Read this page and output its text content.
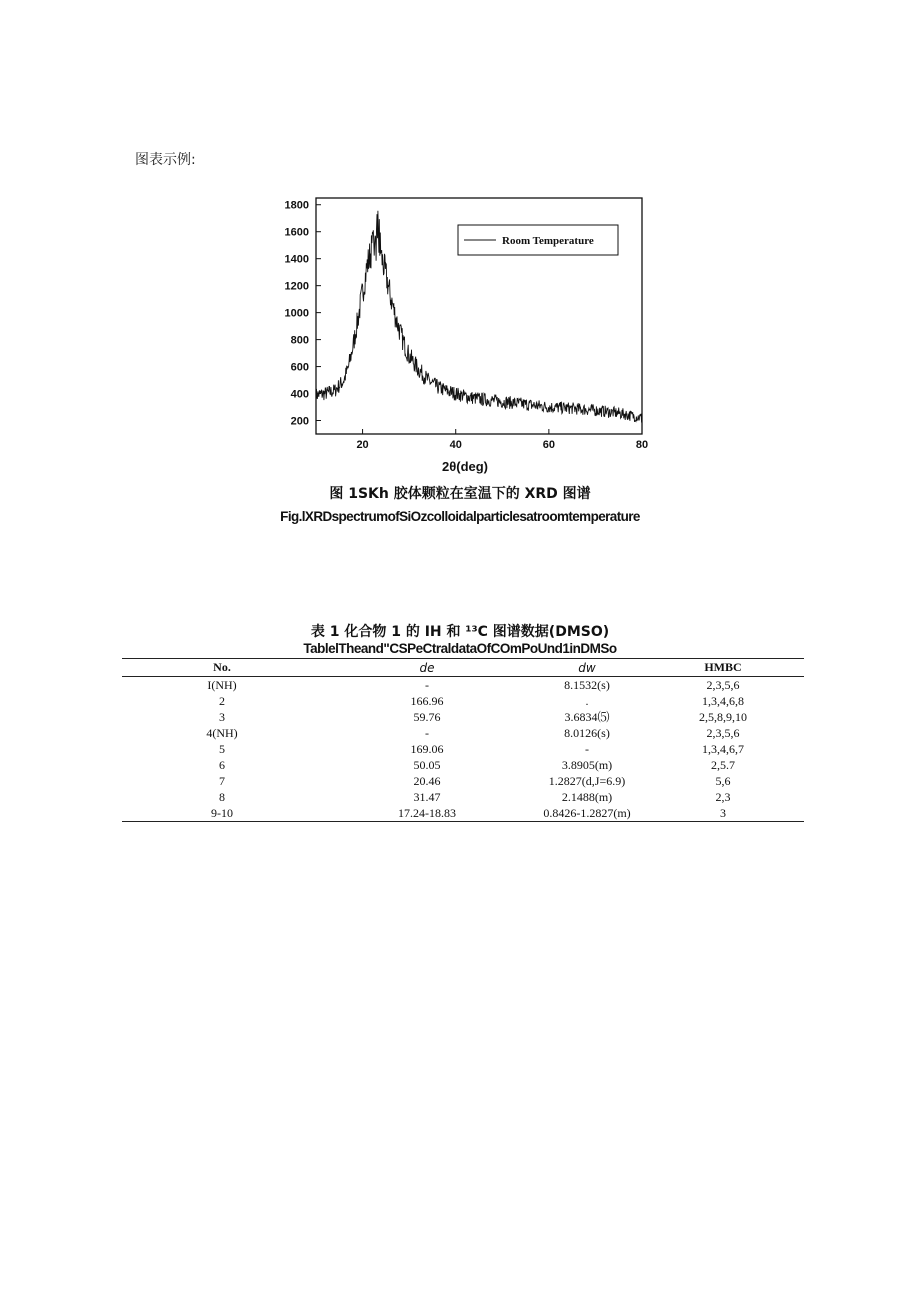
图表示例:
200
400
600
800
1000
1200
1400
1600
1800
20	40	60	80
Room Temperature
2θ(deg)
图 1SKh 胶体颗粒在室温下的 XRD 图谱
Fig.lXRDspectrumofSiOzcolloidalparticlesatroomtemperature
表 1 化合物 1 的 IH 和 ¹³C 图谱数据(DMSO)
TablelTheand"CSPeCtraldataOfCOmPoUnd1inDMSo
No.	de	dw	HMBC
I(NH)	-	8.1532(s)	2,3,5,6
2	166.96	.	1,3,4,6,8
3	59.76	3.6834⑸	2,5,8,9,10
4(NH)	-	8.0126(s)	2,3,5,6
5	169.06	-	1,3,4,6,7
6	50.05	3.8905(m)	2,5.7
7	20.46	1.2827(d,J=6.9)	5,6
8	31.47	2.1488(m)	2,3
9-10	17.24-18.83	0.8426-1.2827(m)	3
